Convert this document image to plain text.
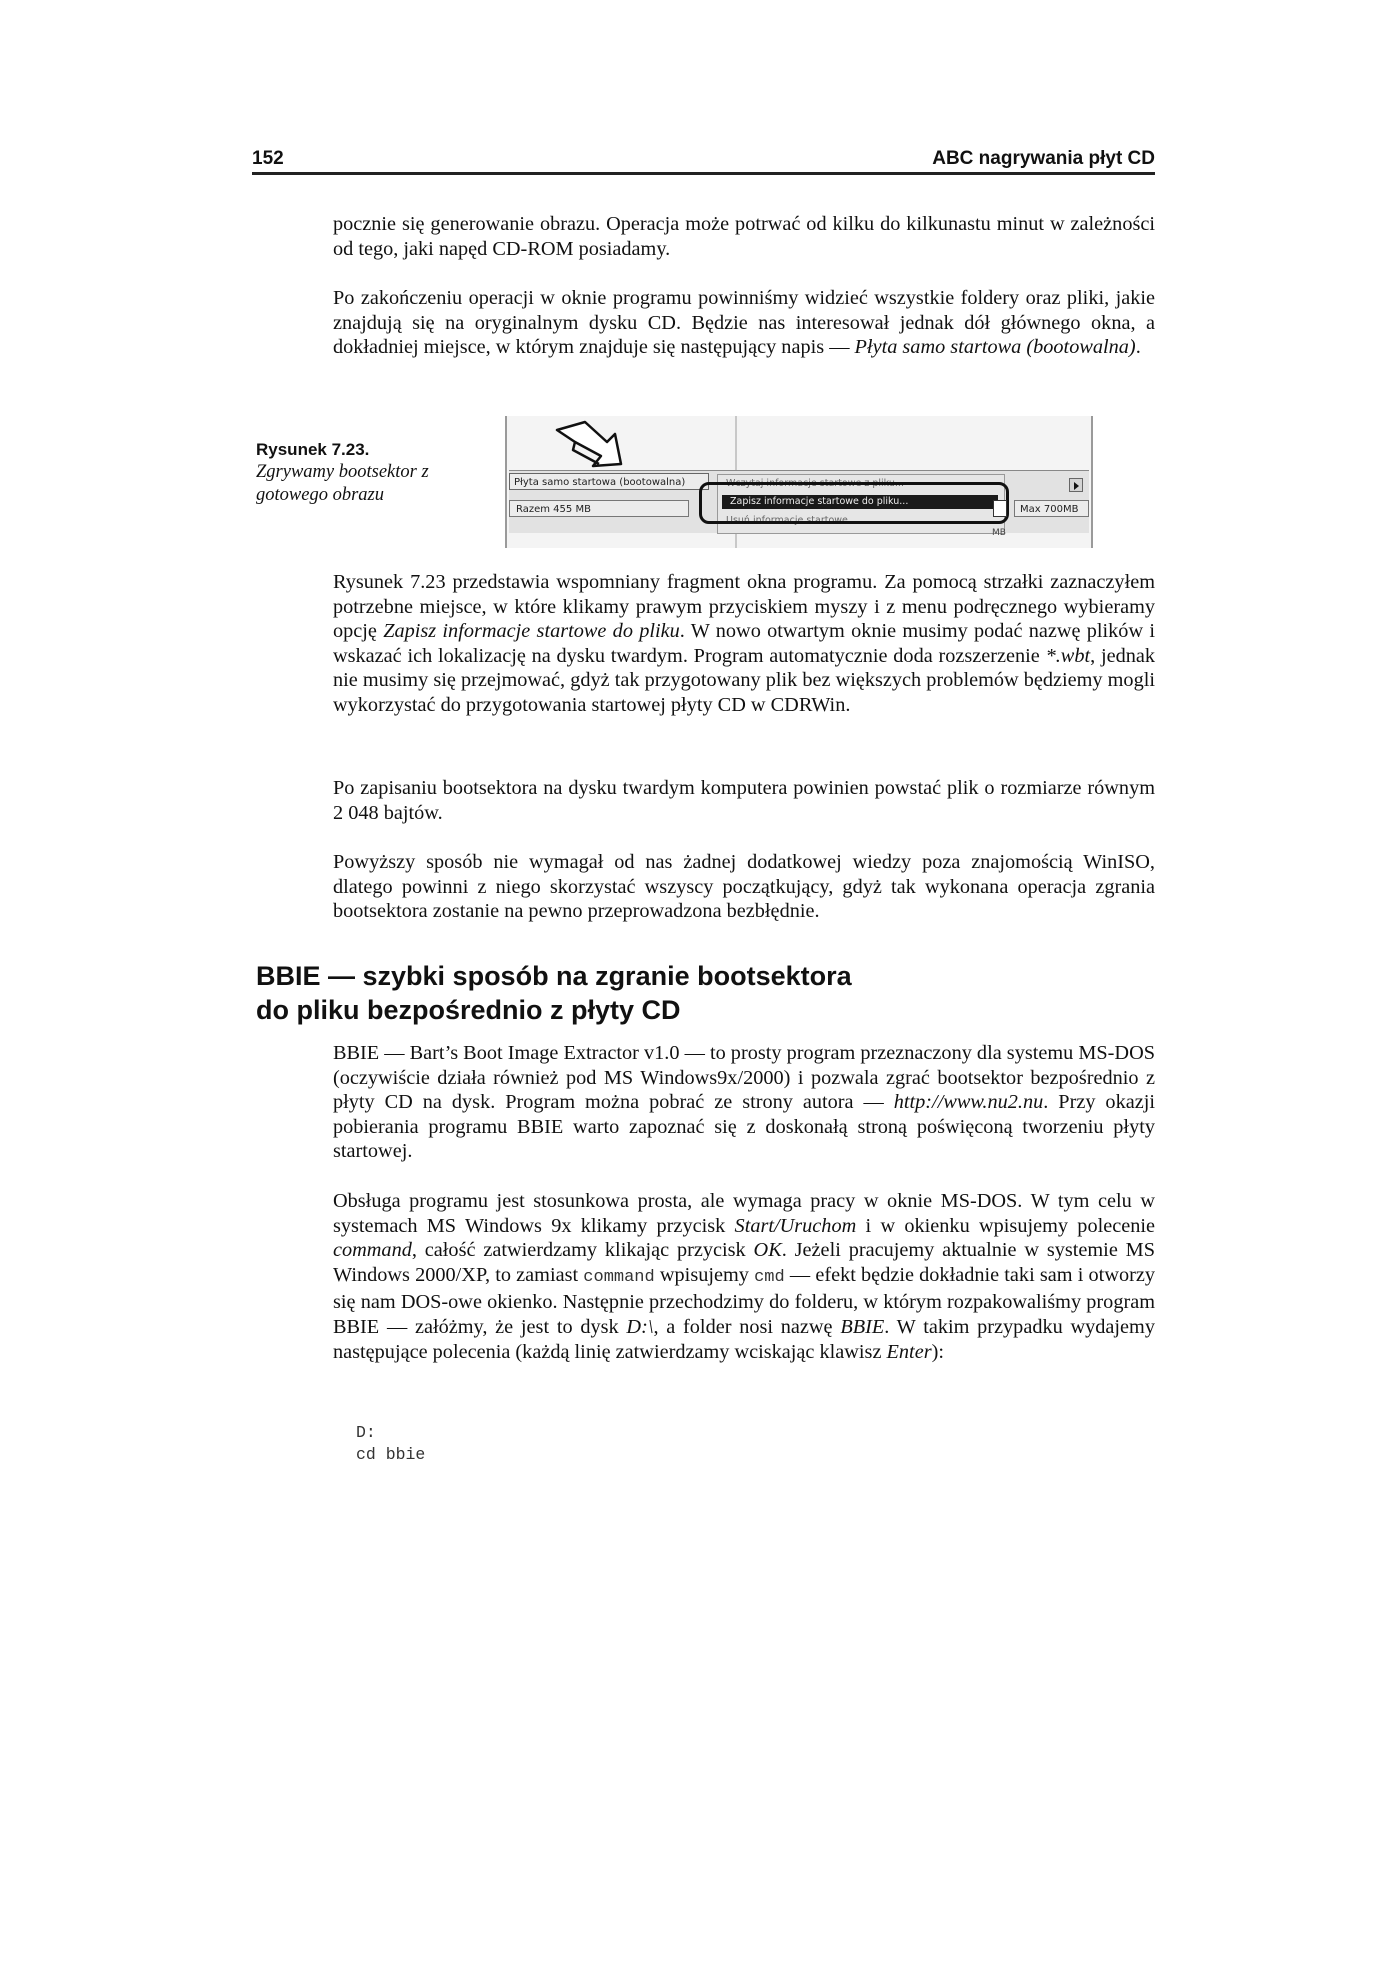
152	ABC nagrywania płyt CD
pocznie się generowanie obrazu. Operacja może potrwać od kilku do kilkunastu minut w zależności od tego, jaki napęd CD-ROM posiadamy.
Po zakończeniu operacji w oknie programu powinniśmy widzieć wszystkie foldery oraz pliki, jakie znajdują się na oryginalnym dysku CD. Będzie nas interesował jednak dół głównego okna, a dokładniej miejsce, w którym znajduje się następujący napis — Płyta samo startowa (bootowalna).
Rysunek 7.23.
Zgrywamy bootsektor z gotowego obrazu
Płyta samo startowa (bootowalna)
Razem 455 MB	Max 700MB
Wczytaj informacje startowe z pliku...
Zapisz informacje startowe do pliku...
Usuń informacje startowe
MB
Rysunek 7.23 przedstawia wspomniany fragment okna programu. Za pomocą strzałki zaznaczyłem potrzebne miejsce, w które klikamy prawym przyciskiem myszy i z menu podręcznego wybieramy opcję Zapisz informacje startowe do pliku. W nowo otwartym oknie musimy podać nazwę plików i wskazać ich lokalizację na dysku twardym. Program automatycznie doda rozszerzenie *.wbt, jednak nie musimy się przejmować, gdyż tak przygotowany plik bez większych problemów będziemy mogli wykorzystać do przygotowania startowej płyty CD w CDRWin.
Po zapisaniu bootsektora na dysku twardym komputera powinien powstać plik o rozmiarze równym 2 048 bajtów.
Powyższy sposób nie wymagał od nas żadnej dodatkowej wiedzy poza znajomością WinISO, dlatego powinni z niego skorzystać wszyscy początkujący, gdyż tak wykonana operacja zgrania bootsektora zostanie na pewno przeprowadzona bezbłędnie.
BBIE — szybki sposób na zgranie bootsektora
do pliku bezpośrednio z płyty CD
BBIE — Bart’s Boot Image Extractor v1.0 — to prosty program przeznaczony dla systemu MS-DOS (oczywiście działa również pod MS Windows9x/2000) i pozwala zgrać bootsektor bezpośrednio z płyty CD na dysk. Program można pobrać ze strony autora — http://www.nu2.nu. Przy okazji pobierania programu BBIE warto zapoznać się z doskonałą stroną poświęconą tworzeniu płyty startowej.
Obsługa programu jest stosunkowa prosta, ale wymaga pracy w oknie MS-DOS. W tym celu w systemach MS Windows 9x klikamy przycisk Start/Uruchom i w okienku wpisujemy polecenie command, całość zatwierdzamy klikając przycisk OK. Jeżeli pracujemy aktualnie w systemie MS Windows 2000/XP, to zamiast command wpisujemy cmd — efekt będzie dokładnie taki sam i otworzy się nam DOS-owe okienko. Następnie przechodzimy do folderu, w którym rozpakowaliśmy program BBIE — załóżmy, że jest to dysk D:\, a folder nosi nazwę BBIE. W takim przypadku wydajemy następujące polecenia (każdą linię zatwierdzamy wciskając klawisz Enter):
D:
cd bbie
